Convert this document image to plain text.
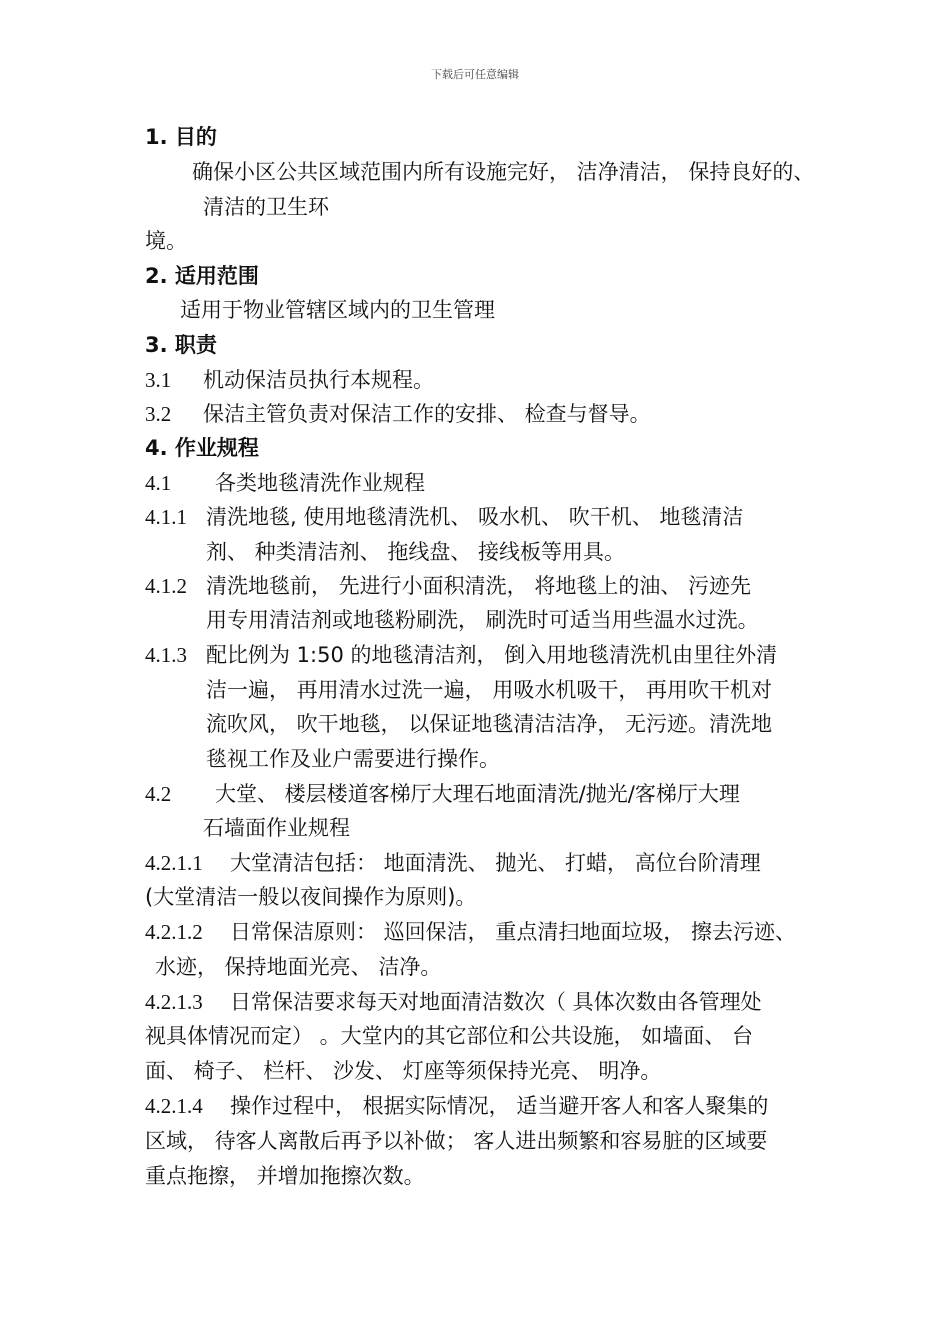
下载后可任意编辑
1. 目的
确保小区公共区域范围内所有设施完好， 洁净清洁， 保持良好的、
清洁的卫生环
境。
2. 适用范围
适用于物业管辖区域内的卫生管理
3. 职责
3.1 机动保洁员执行本规程。
3.2 保洁主管负责对保洁工作的安排、 检查与督导。
4. 作业规程
4.1 各类地毯清洗作业规程
4.1.1 清洗地毯, 使用地毯清洗机、 吸水机、 吹干机、 地毯清洁
剂、 种类清洁剂、 拖线盘、 接线板等用具。
4.1.2 清洗地毯前， 先进行小面积清洗， 将地毯上的油、 污迹先
用专用清洁剂或地毯粉刷洗， 刷洗时可适当用些温水过洗。
4.1.3 配比例为 1:50 的地毯清洁剂， 倒入用地毯清洗机由里往外清
洁一遍， 再用清水过洗一遍， 用吸水机吸干， 再用吹干机对
流吹风， 吹干地毯， 以保证地毯清洁洁净， 无污迹。清洗地
毯视工作及业户需要进行操作。
4.2 大堂、 楼层楼道客梯厅大理石地面清洗/抛光/客梯厅大理
石墙面作业规程
4.2.1.1 大堂清洁包括： 地面清洗、 抛光、 打蜡， 高位台阶清理
(大堂清洁一般以夜间操作为原则)。
4.2.1.2 日常保洁原则： 巡回保洁， 重点清扫地面垃圾， 擦去污迹、
水迹， 保持地面光亮、 洁净。
4.2.1.3 日常保洁要求每天对地面清洁数次（ 具体次数由各管理处
视具体情况而定） 。大堂内的其它部位和公共设施， 如墙面、 台
面、 椅子、 栏杆、 沙发、 灯座等须保持光亮、 明净。
4.2.1.4 操作过程中， 根据实际情况， 适当避开客人和客人聚集的
区域， 待客人离散后再予以补做； 客人进出频繁和容易脏的区域要
重点拖擦， 并增加拖擦次数。
